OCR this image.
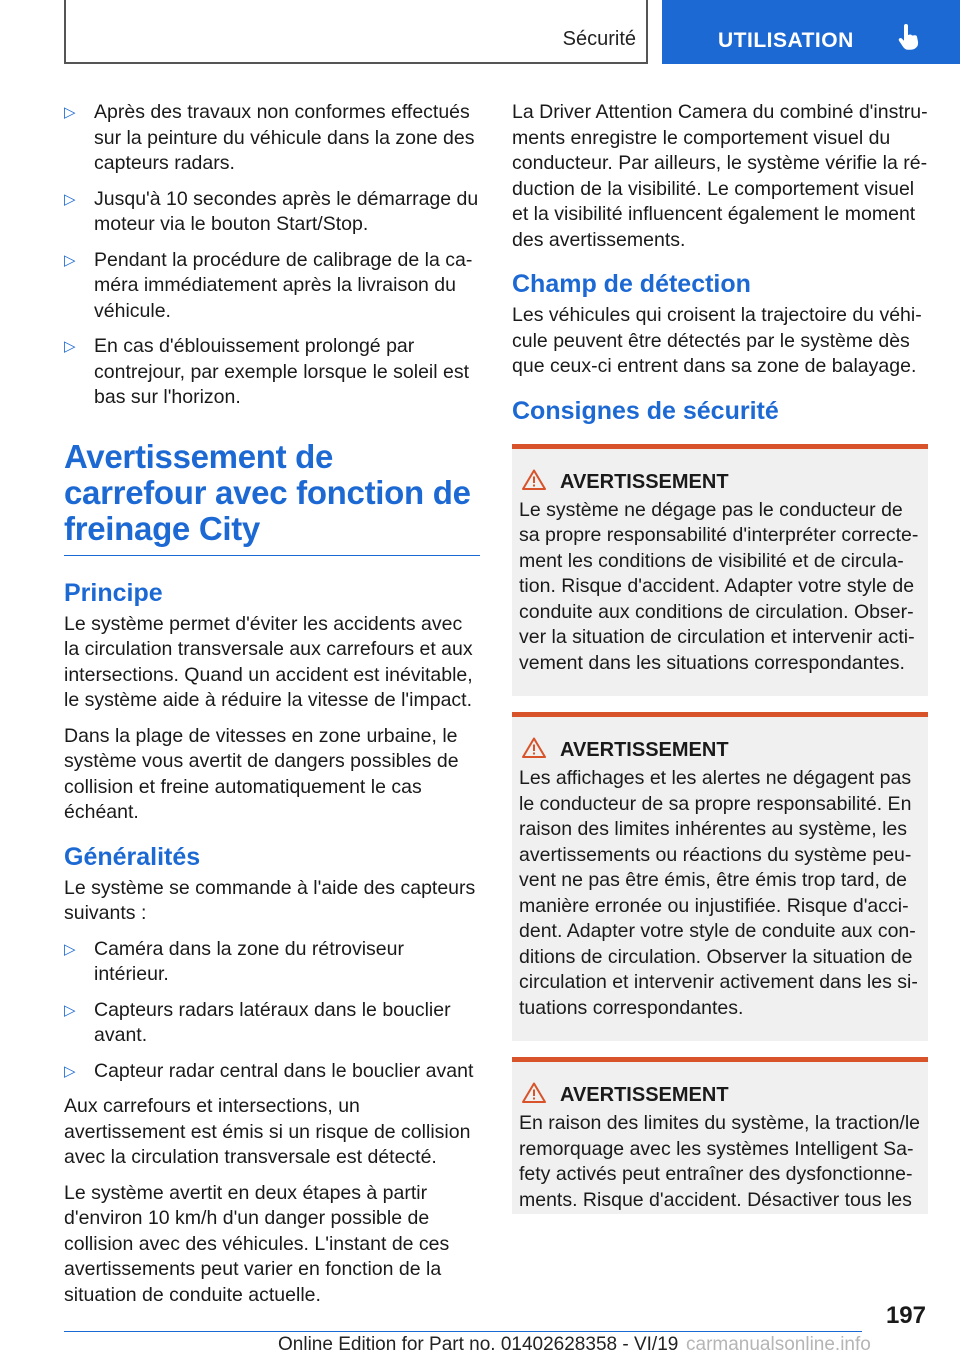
Sécurité	UTILISATION
▷ Après des travaux non conformes effectués sur la peinture du véhicule dans la zone des capteurs radars.
▷ Jusqu'à 10 secondes après le démarrage du moteur via le bouton Start/Stop.
▷ Pendant la procédure de calibrage de la caméra immédiatement après la livraison du véhicule.
▷ En cas d'éblouissement prolongé par contrejour, par exemple lorsque le soleil est bas sur l'horizon.
Avertissement de carrefour avec fonction de freinage City
Principe

Le système permet d'éviter les accidents avec la circulation transversale aux carrefours et aux intersections. Quand un accident est inévitable, le système aide à réduire la vitesse de l'impact.

Dans la plage de vitesses en zone urbaine, le système vous avertit de dangers possibles de collision et freine automatiquement le cas échéant.

Généralités

Le système se commande à l'aide des capteurs suivants :

▷ Caméra dans la zone du rétroviseur intérieur.
▷ Capteurs radars latéraux dans le bouclier avant.
▷ Capteur radar central dans le bouclier avant

Aux carrefours et intersections, un avertissement est émis si un risque de collision avec la circulation transversale est détecté.

Le système avertit en deux étapes à partir d'environ 10 km/h d'un danger possible de collision avec des véhicules. L'instant de ces avertissements peut varier en fonction de la situation de conduite actuelle.

La Driver Attention Camera du combiné d'instruments enregistre le comportement visuel du conducteur. Par ailleurs, le système vérifie la réduction de la visibilité. Le comportement visuel et la visibilité influencent également le moment des avertissements.

Champ de détection

Les véhicules qui croisent la trajectoire du véhicule peuvent être détectés par le système dès que ceux-ci entrent dans sa zone de balayage.

Consignes de sécurité
AVERTISSEMENT

Le système ne dégage pas le conducteur de sa propre responsabilité d'interpréter correctement les conditions de visibilité et de circulation. Risque d'accident. Adapter votre style de conduite aux conditions de circulation. Observer la situation de circulation et intervenir activement dans les situations correspondantes.

AVERTISSEMENT

Les affichages et les alertes ne dégagent pas le conducteur de sa propre responsabilité. En raison des limites inhérentes au système, les avertissements ou réactions du système peuvent ne pas être émis, être émis trop tard, de manière erronée ou injustifiée. Risque d'accident. Adapter votre style de conduite aux conditions de circulation. Observer la situation de circulation et intervenir activement dans les situations correspondantes.

AVERTISSEMENT

En raison des limites du système, la traction/le remorquage avec les systèmes Intelligent Safety activés peut entraîner des dysfonctionnements. Risque d'accident. Désactiver tous les

197
Online Edition for Part no. 01402628358 - VI/19 carmanualsonline.info
